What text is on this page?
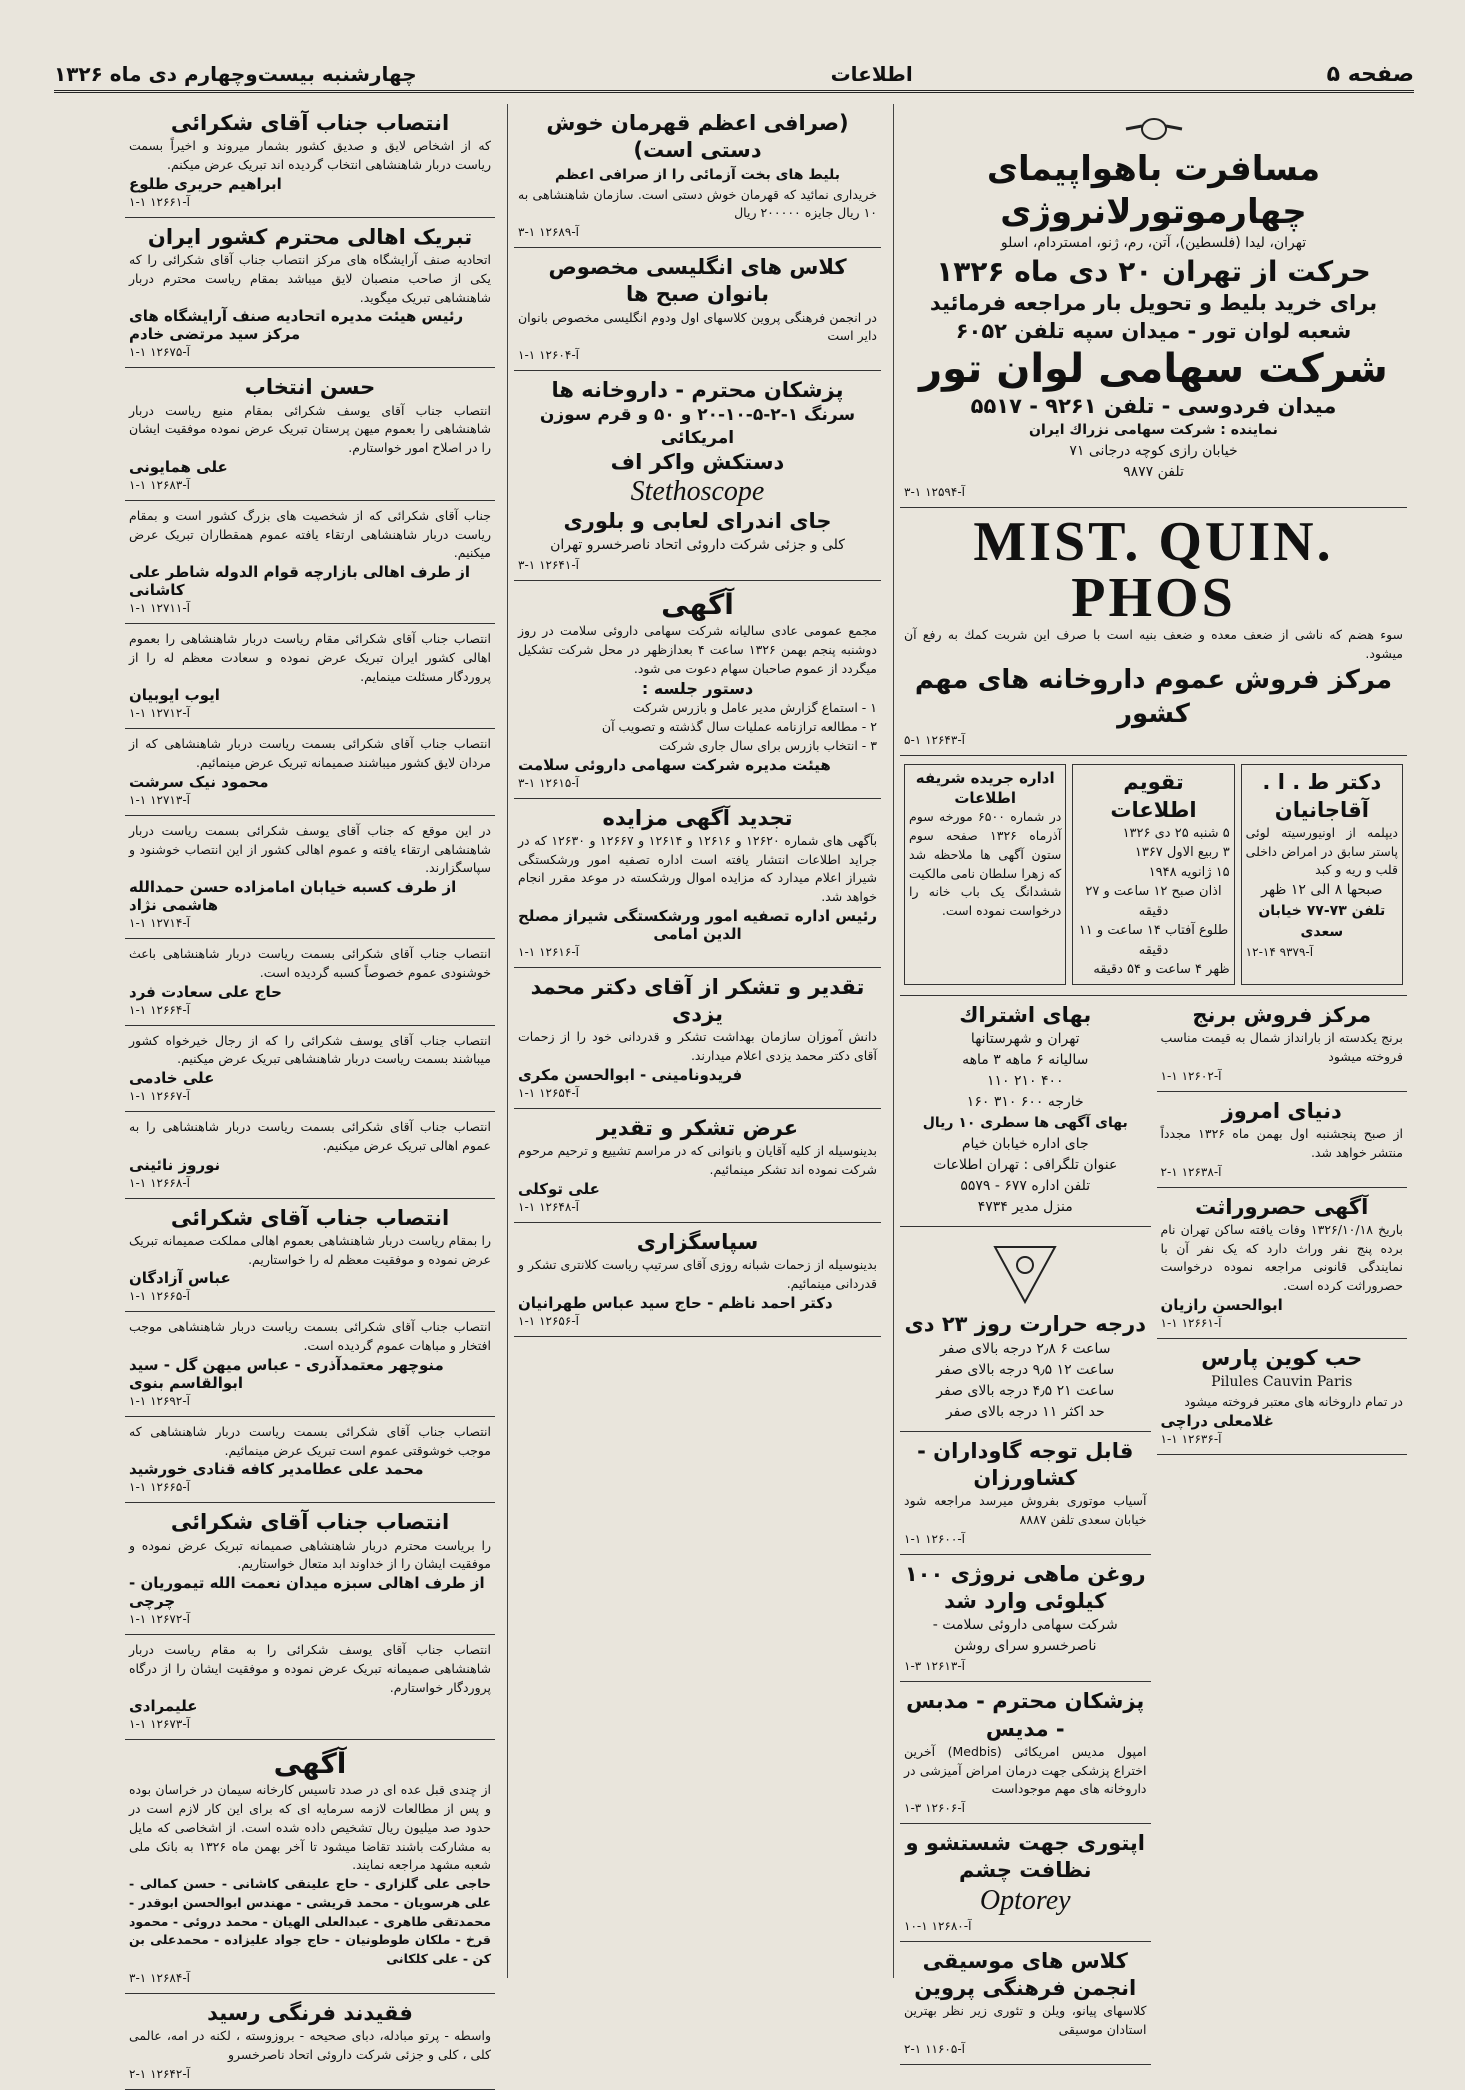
صفحه ۵
اطلاعات
چهارشنبه بیست‌وچهارم دی ماه ۱۳۲۶
مسافرت باهواپیمای چهارموتورلانروژی
تهران، لیدا (فلسطین)، آتن، رم، ژنو، امستردام، اسلو
حرکت از تهران ۲۰ دی ماه ۱۳۲۶
برای خرید بلیط و تحویل بار مراجعه فرمائید
شعبه لوان تور - میدان سپه تلفن ۶۰۵۲
شرکت سهامی لوان تور
میدان فردوسی - تلفن ۹۲۶۱ - ۵۵۱۷
نماینده : شرکت سهامی نزراك ایران
خیابان رازی کوچه درجانی ۷۱
تلفن ۹۸۷۷
آ-۱۲۵۹۴ ۱-۳
MIST. QUIN. PHOS
سوء هضم که ناشی از ضعف معده و ضعف بنیه است با صرف این شربت کمك به رفع آن میشود.
مرکز فروش عموم داروخانه های مهم کشور
آ-۱۲۶۴۳ ۱-۵
دکتر ط . ا . آقاجانیان
دیپلمه از اونیورسیته لوئی پاستر سابق در امراض داخلی قلب و ریه و کبد
صبحها ۸ الی ۱۲ ظهر
تلفن ۷۳-۷۷ خیابان سعدی
آ-۹۳۷۹ ۱۴-۱۲
تقویم اطلاعات
۵ شنبه ۲۵ دی ۱۳۲۶
۳ ربیع الاول ۱۳۶۷
۱۵ ژانویه ۱۹۴۸
اذان صبح ۱۲ ساعت و ۲۷ دقیقه
طلوع آفتاب ۱۴ ساعت و ۱۱ دقیقه
ظهر ۴ ساعت و ۵۴ دقیقه
اداره جریده شریفه اطلاعات
در شماره ۶۵۰۰ مورخه سوم آذرماه ۱۳۲۶ صفحه سوم ستون آگهی ها ملاحظه شد که زهرا سلطان نامی مالکیت ششدانگ یک باب خانه را درخواست نموده است.
مرکز فروش برنج
برنج یکدسته از بارانداز شمال به قیمت مناسب فروخته میشود
آ-۱۲۶۰۲ ۱-۱
دنیای امروز
از صبح پنجشنبه اول بهمن ماه ۱۳۲۶ مجدداً منتشر خواهد شد.
آ-۱۲۶۳۸ ۱-۲
آگهی حصروراثت
باریخ ۱۳۲۶/۱۰/۱۸ وفات یافته ساکن تهران نام برده پنج نفر وراث دارد که یک نفر آن با نمایندگی قانونی مراجعه نموده درخواست حصروراثت کرده است.
ابوالحسن رازیان
آ-۱۲۶۶۱ ۱-۱
حب کوین پارس
Pilules Cauvin Paris
در تمام داروخانه های معتبر فروخته میشود
غلامعلی دراچی
آ-۱۲۶۳۶ ۱-۱
بهای اشتراك
تهران و شهرستانها
سالیانه ۶ ماهه ۳ ماهه
۴۰۰ ۲۱۰ ۱۱۰
خارجه ۶۰۰ ۳۱۰ ۱۶۰
بهای آگهی ها سطری ۱۰ ریال
جای اداره خیابان خیام
عنوان تلگرافی : تهران اطلاعات
تلفن اداره ۶۷۷ - ۵۵۷۹
منزل مدیر ۴۷۳۴
درجه حرارت روز ۲۳ دی
ساعت ۶ ۲٫۸ درجه بالای صفر
ساعت ۱۲ ۹٫۵ درجه بالای صفر
ساعت ۲۱ ۴٫۵ درجه بالای صفر
حد اکثر ۱۱ درجه بالای صفر
قابل توجه گاوداران - کشاورزان
آسیاب موتوری بفروش میرسد مراجعه شود خیابان سعدی تلفن ۸۸۸۷
آ-۱۲۶۰۰ ۱-۱
روغن ماهی نروژی ۱۰۰ کیلوئی وارد شد
شرکت سهامی داروئی سلامت - ناصرخسرو سرای روشن
آ-۱۲۶۱۳ ۳-۱
پزشکان محترم - مدبس - مدیس
امپول مدیس امریکائی (Medbis) آخرین اختراع پزشکی جهت درمان امراض آمیزشی در داروخانه های مهم موجوداست
آ-۱۲۶۰۶ ۳-۱
اپتوری جهت شستشو و نظافت چشم
Optorey
آ-۱۲۶۸۰ ۱-۱۰
کلاس های موسیقی انجمن فرهنگی پروین
کلاسهای پیانو، ویلن و تئوری زیر نظر بهترین استادان موسیقی
آ-۱۱۶۰۵ ۱-۲
(صرافی اعظم قهرمان خوش دستی است)
بلیط های بخت آزمائی را از صرافی اعظم
خریداری نمائید که قهرمان خوش دستی است. سازمان شاهنشاهی به ۱۰ ریال جایزه ۲۰۰۰۰۰ ریال
آ-۱۲۶۸۹ ۱-۳
کلاس های انگلیسی مخصوص بانوان صبح ها
در انجمن فرهنگی پروین کلاسهای اول ودوم انگلیسی مخصوص بانوان دایر است
آ-۱۲۶۰۴ ۱-۱
پزشکان محترم - داروخانه ها
سرنگ ۱-۲-۵-۱۰-۲۰ و ۵۰ و قرم سوزن امریکائی
دستکش واکر اف
Stethoscope
جای اندرای لعابی و بلوری
کلی و جزئی شرکت داروئی اتحاد ناصرخسرو تهران
آ-۱۲۶۴۱ ۱-۳
آگهی
مجمع عمومی عادی سالیانه شرکت سهامی داروئی سلامت در روز دوشنبه پنجم بهمن ۱۳۲۶ ساعت ۴ بعدازظهر در محل شرکت تشکیل میگردد از عموم صاحبان سهام دعوت می شود.
دستور جلسه :
۱ - استماع گزارش مدیر عامل و بازرس شرکت
۲ - مطالعه ترازنامه عملیات سال گذشته و تصویب آن
۳ - انتخاب بازرس برای سال جاری شرکت
هیئت مدیره شرکت سهامی داروئی سلامت
آ-۱۲۶۱۵ ۱-۳
تجدید آگهی مزایده
بآگهی های شماره ۱۲۶۲۰ و ۱۲۶۱۶ و ۱۲۶۱۴ و ۱۲۶۶۷ و ۱۲۶۳۰ که در جراید اطلاعات انتشار یافته است اداره تصفیه امور ورشکستگی شیراز اعلام میدارد که مزایده اموال ورشکسته در موعد مقرر انجام خواهد شد.
رئیس اداره تصفیه امور ورشکستگی شیراز مصلح الدین امامی
آ-۱۲۶۱۶ ۱-۱
تقدیر و تشکر از آقای دکتر محمد یزدی
دانش آموزان سازمان بهداشت تشکر و قدردانی خود را از زحمات آقای دکتر محمد یزدی اعلام میدارند.
فریدونامینی - ابوالحسن مکری
آ-۱۲۶۵۴ ۱-۱
عرض تشکر و تقدیر
بدینوسیله از کلیه آقایان و بانوانی که در مراسم تشییع و ترحیم مرحوم شرکت نموده اند تشکر مینمائیم.
علی توکلی
آ-۱۲۶۴۸ ۱-۱
سپاسگزاری
بدینوسیله از زحمات شبانه روزی آقای سرتیپ ریاست کلانتری تشکر و قدردانی مینمائیم.
دکتر احمد ناظم - حاج سید عباس طهرانیان
آ-۱۲۶۵۶ ۱-۱
انتصاب جناب آقای شکرائی
که از اشخاص لایق و صدیق کشور بشمار میروند و اخیراً بسمت ریاست دربار شاهنشاهی انتخاب گردیده اند تبریک عرض میکنم.
ابراهیم حریری طلوع
آ-۱۲۶۶۱ ۱-۱
تبریک اهالی محترم کشور ایران
اتحادیه صنف آرایشگاه های مرکز انتصاب جناب آقای شکرائی را که یکی از صاحب منصبان لایق میباشد بمقام ریاست محترم دربار شاهنشاهی تبریک میگوید.
رئیس هیئت مدیره اتحادیه صنف آرایشگاه های مرکز سید مرتضی خادم
آ-۱۲۶۷۵ ۱-۱
حسن انتخاب
انتصاب جناب آقای یوسف شکرائی بمقام منیع ریاست دربار شاهنشاهی را بعموم میهن پرستان تبریک عرض نموده موفقیت ایشان را در اصلاح امور خواستارم.
علی همایونی
آ-۱۲۶۸۳ ۱-۱
جناب آقای شکرائی که از شخصیت های بزرگ کشور است و بمقام ریاست دربار شاهنشاهی ارتقاء یافته عموم همقطاران تبریک عرض میکنیم.
از طرف اهالی بازارچه قوام الدوله شاطر علی کاشانی
آ-۱۲۷۱۱ ۱-۱
انتصاب جناب آقای شکرائی مقام ریاست دربار شاهنشاهی را بعموم اهالی کشور ایران تبریک عرض نموده و سعادت معظم له را از پروردگار مسئلت مینمایم.
ایوب ایوبیان
آ-۱۲۷۱۲ ۱-۱
انتصاب جناب آقای شکرائی بسمت ریاست دربار شاهنشاهی که از مردان لایق کشور میباشند صمیمانه تبریک عرض مینمائیم.
محمود نیک سرشت
آ-۱۲۷۱۳ ۱-۱
در این موقع که جناب آقای یوسف شکرائی بسمت ریاست دربار شاهنشاهی ارتقاء یافته و عموم اهالی کشور از این انتصاب خوشنود و سپاسگزارند.
از طرف کسبه خیابان امامزاده حسن حمدالله هاشمی نژاد
آ-۱۲۷۱۴ ۱-۱
انتصاب جناب آقای شکرائی بسمت ریاست دربار شاهنشاهی باعث خوشنودی عموم خصوصاً کسبه گردیده است.
حاج علی سعادت فرد
آ-۱۲۶۶۴ ۱-۱
انتصاب جناب آقای یوسف شکرائی را که از رجال خیرخواه کشور میباشند بسمت ریاست دربار شاهنشاهی تبریک عرض میکنیم.
علی خادمی
آ-۱۲۶۶۷ ۱-۱
انتصاب جناب آقای شکرائی بسمت ریاست دربار شاهنشاهی را به عموم اهالی تبریک عرض میکنیم.
نوروز نائینی
آ-۱۲۶۶۸ ۱-۱
انتصاب جناب آقای شکرائی
را بمقام ریاست دربار شاهنشاهی بعموم اهالی مملکت صمیمانه تبریک عرض نموده و موفقیت معظم له را خواستاریم.
عباس آزادگان
آ-۱۲۶۶۵ ۱-۱
انتصاب جناب آقای شکرائی بسمت ریاست دربار شاهنشاهی موجب افتخار و مباهات عموم گردیده است.
منوچهر معتمدآذری - عباس میهن گل - سید ابوالقاسم بنوی
آ-۱۲۶۹۲ ۱-۱
انتصاب جناب آقای شکرائی بسمت ریاست دربار شاهنشاهی که موجب خوشوقتی عموم است تبریک عرض مینمائیم.
محمد علی عطامدیر کافه قنادی خورشید
آ-۱۲۶۶۵ ۱-۱
انتصاب جناب آقای شکرائی
را بریاست محترم دربار شاهنشاهی صمیمانه تبریک عرض نموده و موفقیت ایشان را از خداوند ابد متعال خواستاریم.
از طرف اهالی سبزه میدان نعمت الله تیموریان - چرچی
آ-۱۲۶۷۲ ۱-۱
انتصاب جناب آقای یوسف شکرائی را به مقام ریاست دربار شاهنشاهی صمیمانه تبریک عرض نموده و موفقیت ایشان را از درگاه پروردگار خواستارم.
علیمرادی
آ-۱۲۶۷۳ ۱-۱
آگهی
از چندی قبل عده ای در صدد تاسیس کارخانه سیمان در خراسان بوده و پس از مطالعات لازمه سرمایه ای که برای این کار لازم است در حدود صد میلیون ریال تشخیص داده شده است. از اشخاصی که مایل به مشارکت باشند تقاضا میشود تا آخر بهمن ماه ۱۳۲۶ به بانک ملی شعبه مشهد مراجعه نمایند.
حاجی علی گلزاری - حاج علینقی کاشانی - حسن کمالی - علی هرسویان - محمد قریشی - مهندس ابوالحسن ابوقدر - محمدتقی طاهری - عبدالعلی الهیان - محمد دروئی - محمود قرخ - ملکان طوطونیان - حاج جواد علیزاده - محمدعلی بن کن - علی کلکانی
آ-۱۲۶۸۴ ۱-۳
فقیدند فرنگی رسید
واسطه - پرتو مبادله، دبای صحیحه - بروزوسته ، لکنه در امه، عالمی کلی ، کلی و جزئی شرکت داروئی اتحاد ناصرخسرو
آ-۱۲۶۴۲ ۱-۲
